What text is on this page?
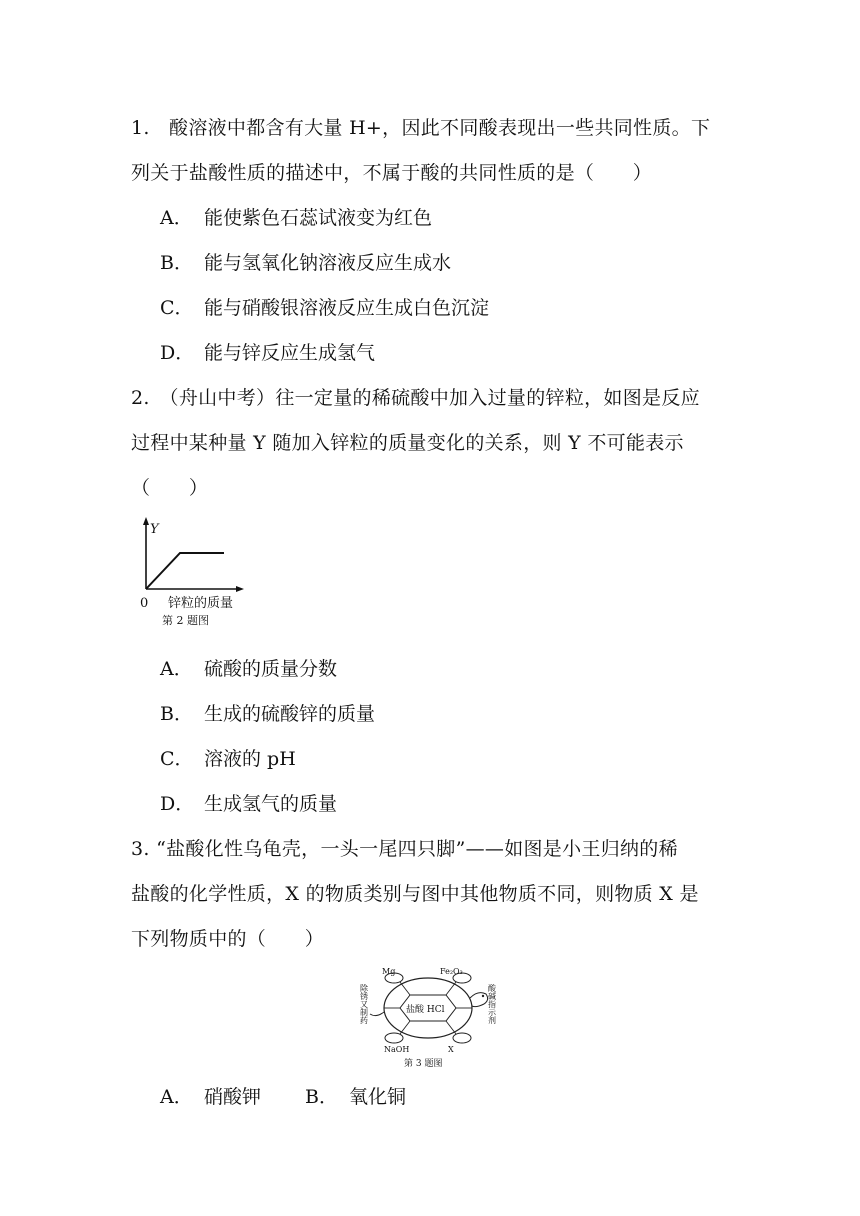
1.　酸溶液中都含有大量 H+，因此不同酸表现出一些共同性质。下
列关于盐酸性质的描述中，不属于酸的共同性质的是（　　）
A． 能使紫色石蕊试液变为红色
B． 能与氢氧化钠溶液反应生成水
C． 能与硝酸银溶液反应生成白色沉淀
D． 能与锌反应生成氢气
2.　（舟山中考）往一定量的稀硫酸中加入过量的锌粒，如图是反应
过程中某种量 Y 随加入锌粒的质量变化的关系，则 Y 不可能表示
（　　）
Y
0 锌粒的质量
第 2 题图
A． 硫酸的质量分数
B． 生成的硫酸锌的质量
C． 溶液的 pH
D． 生成氢气的质量
3. “盐酸化性乌龟壳，一头一尾四只脚”——如图是小王归纳的稀
盐酸的化学性质，X 的物质类别与图中其他物质不同，则物质 X 是
下列物质中的（　　）
盐酸 HCl
Mg	Fe₂O₃
NaOH	X
除锈又制药	酸碱指示剂
第 3 题图
A． 硝酸钾 B． 氧化铜
